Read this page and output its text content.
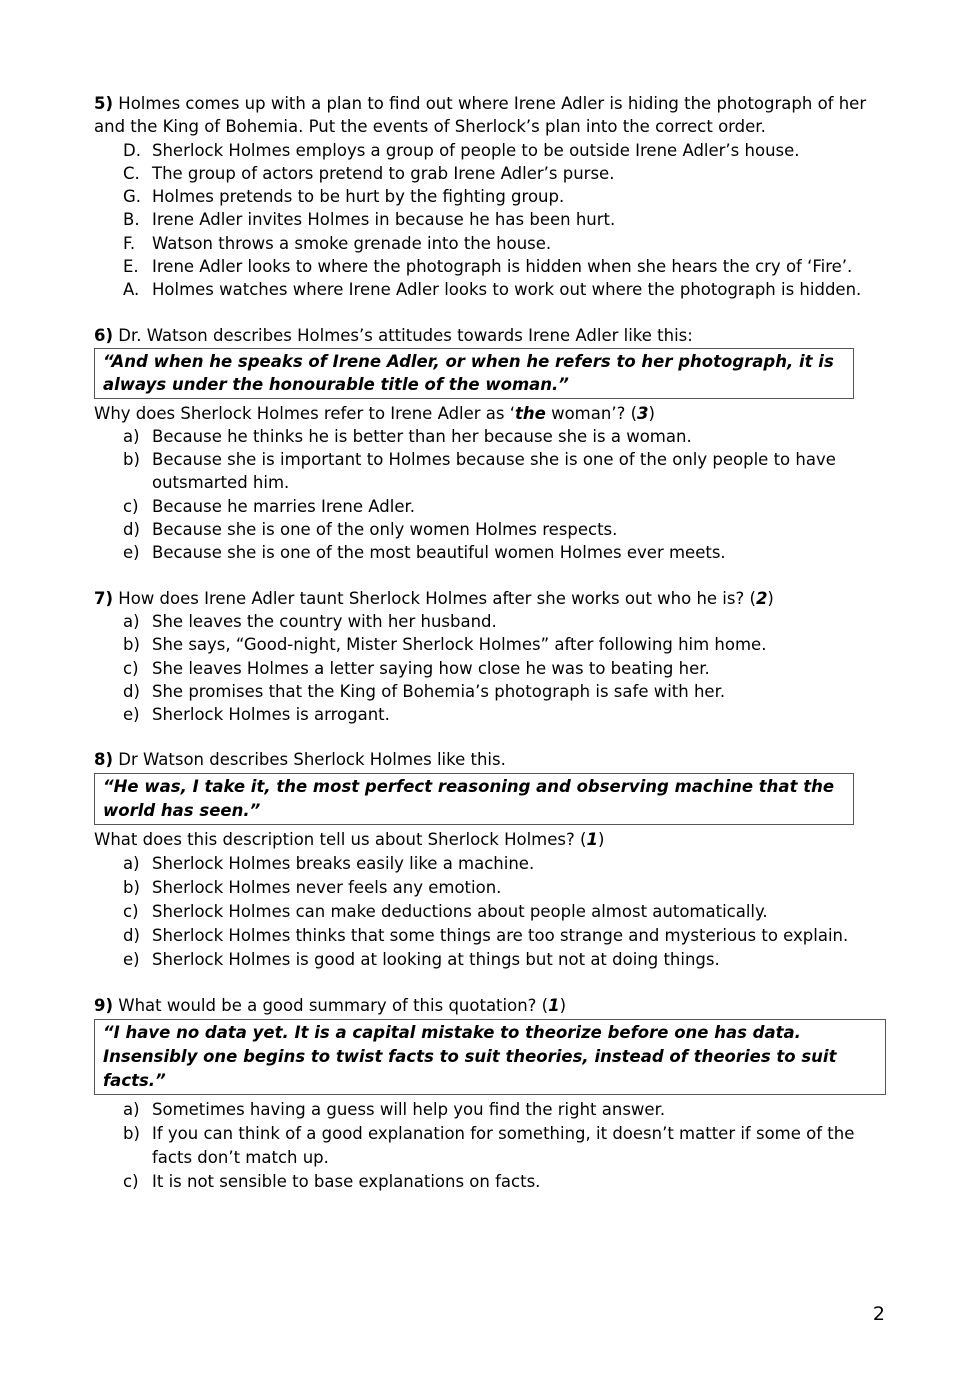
5) Holmes comes up with a plan to find out where Irene Adler is hiding the photograph of her and the King of Bohemia. Put the events of Sherlock’s plan into the correct order.
D. Sherlock Holmes employs a group of people to be outside Irene Adler’s house.
C. The group of actors pretend to grab Irene Adler’s purse.
G. Holmes pretends to be hurt by the fighting group.
B. Irene Adler invites Holmes in because he has been hurt.
F.	Watson throws a smoke grenade into the house.
E. Irene Adler looks to where the photograph is hidden when she hears the cry of ‘Fire’.
A. Holmes watches where Irene Adler looks to work out where the photograph is hidden.
6) Dr. Watson describes Holmes’s attitudes towards Irene Adler like this:
“And when he speaks of Irene Adler, or when he refers to her photograph, it is always under the honourable title of the woman.”
Why does Sherlock Holmes refer to Irene Adler as ‘the woman’? (3)
a) Because he thinks he is better than her because she is a woman.
b) Because she is important to Holmes because she is one of the only people to have outsmarted him.
c) Because he marries Irene Adler.
d) Because she is one of the only women Holmes respects.
e) Because she is one of the most beautiful women Holmes ever meets.
7) How does Irene Adler taunt Sherlock Holmes after she works out who he is? (2)
a) She leaves the country with her husband.
b) She says, “Good-night, Mister Sherlock Holmes” after following him home.
c) She leaves Holmes a letter saying how close he was to beating her.
d) She promises that the King of Bohemia’s photograph is safe with her.
e) Sherlock Holmes is arrogant.
8) Dr Watson describes Sherlock Holmes like this.
“He was, I take it, the most perfect reasoning and observing machine that the world has seen.”
What does this description tell us about Sherlock Holmes? (1)
a) Sherlock Holmes breaks easily like a machine.
b) Sherlock Holmes never feels any emotion.
c) Sherlock Holmes can make deductions about people almost automatically.
d) Sherlock Holmes thinks that some things are too strange and mysterious to explain.
e) Sherlock Holmes is good at looking at things but not at doing things.
9) What would be a good summary of this quotation? (1)
“I have no data yet. It is a capital mistake to theorize before one has data. Insensibly one begins to twist facts to suit theories, instead of theories to suit facts.”
a) Sometimes having a guess will help you find the right answer.
b) If you can think of a good explanation for something, it doesn’t matter if some of the facts don’t match up.
c) It is not sensible to base explanations on facts.
2
